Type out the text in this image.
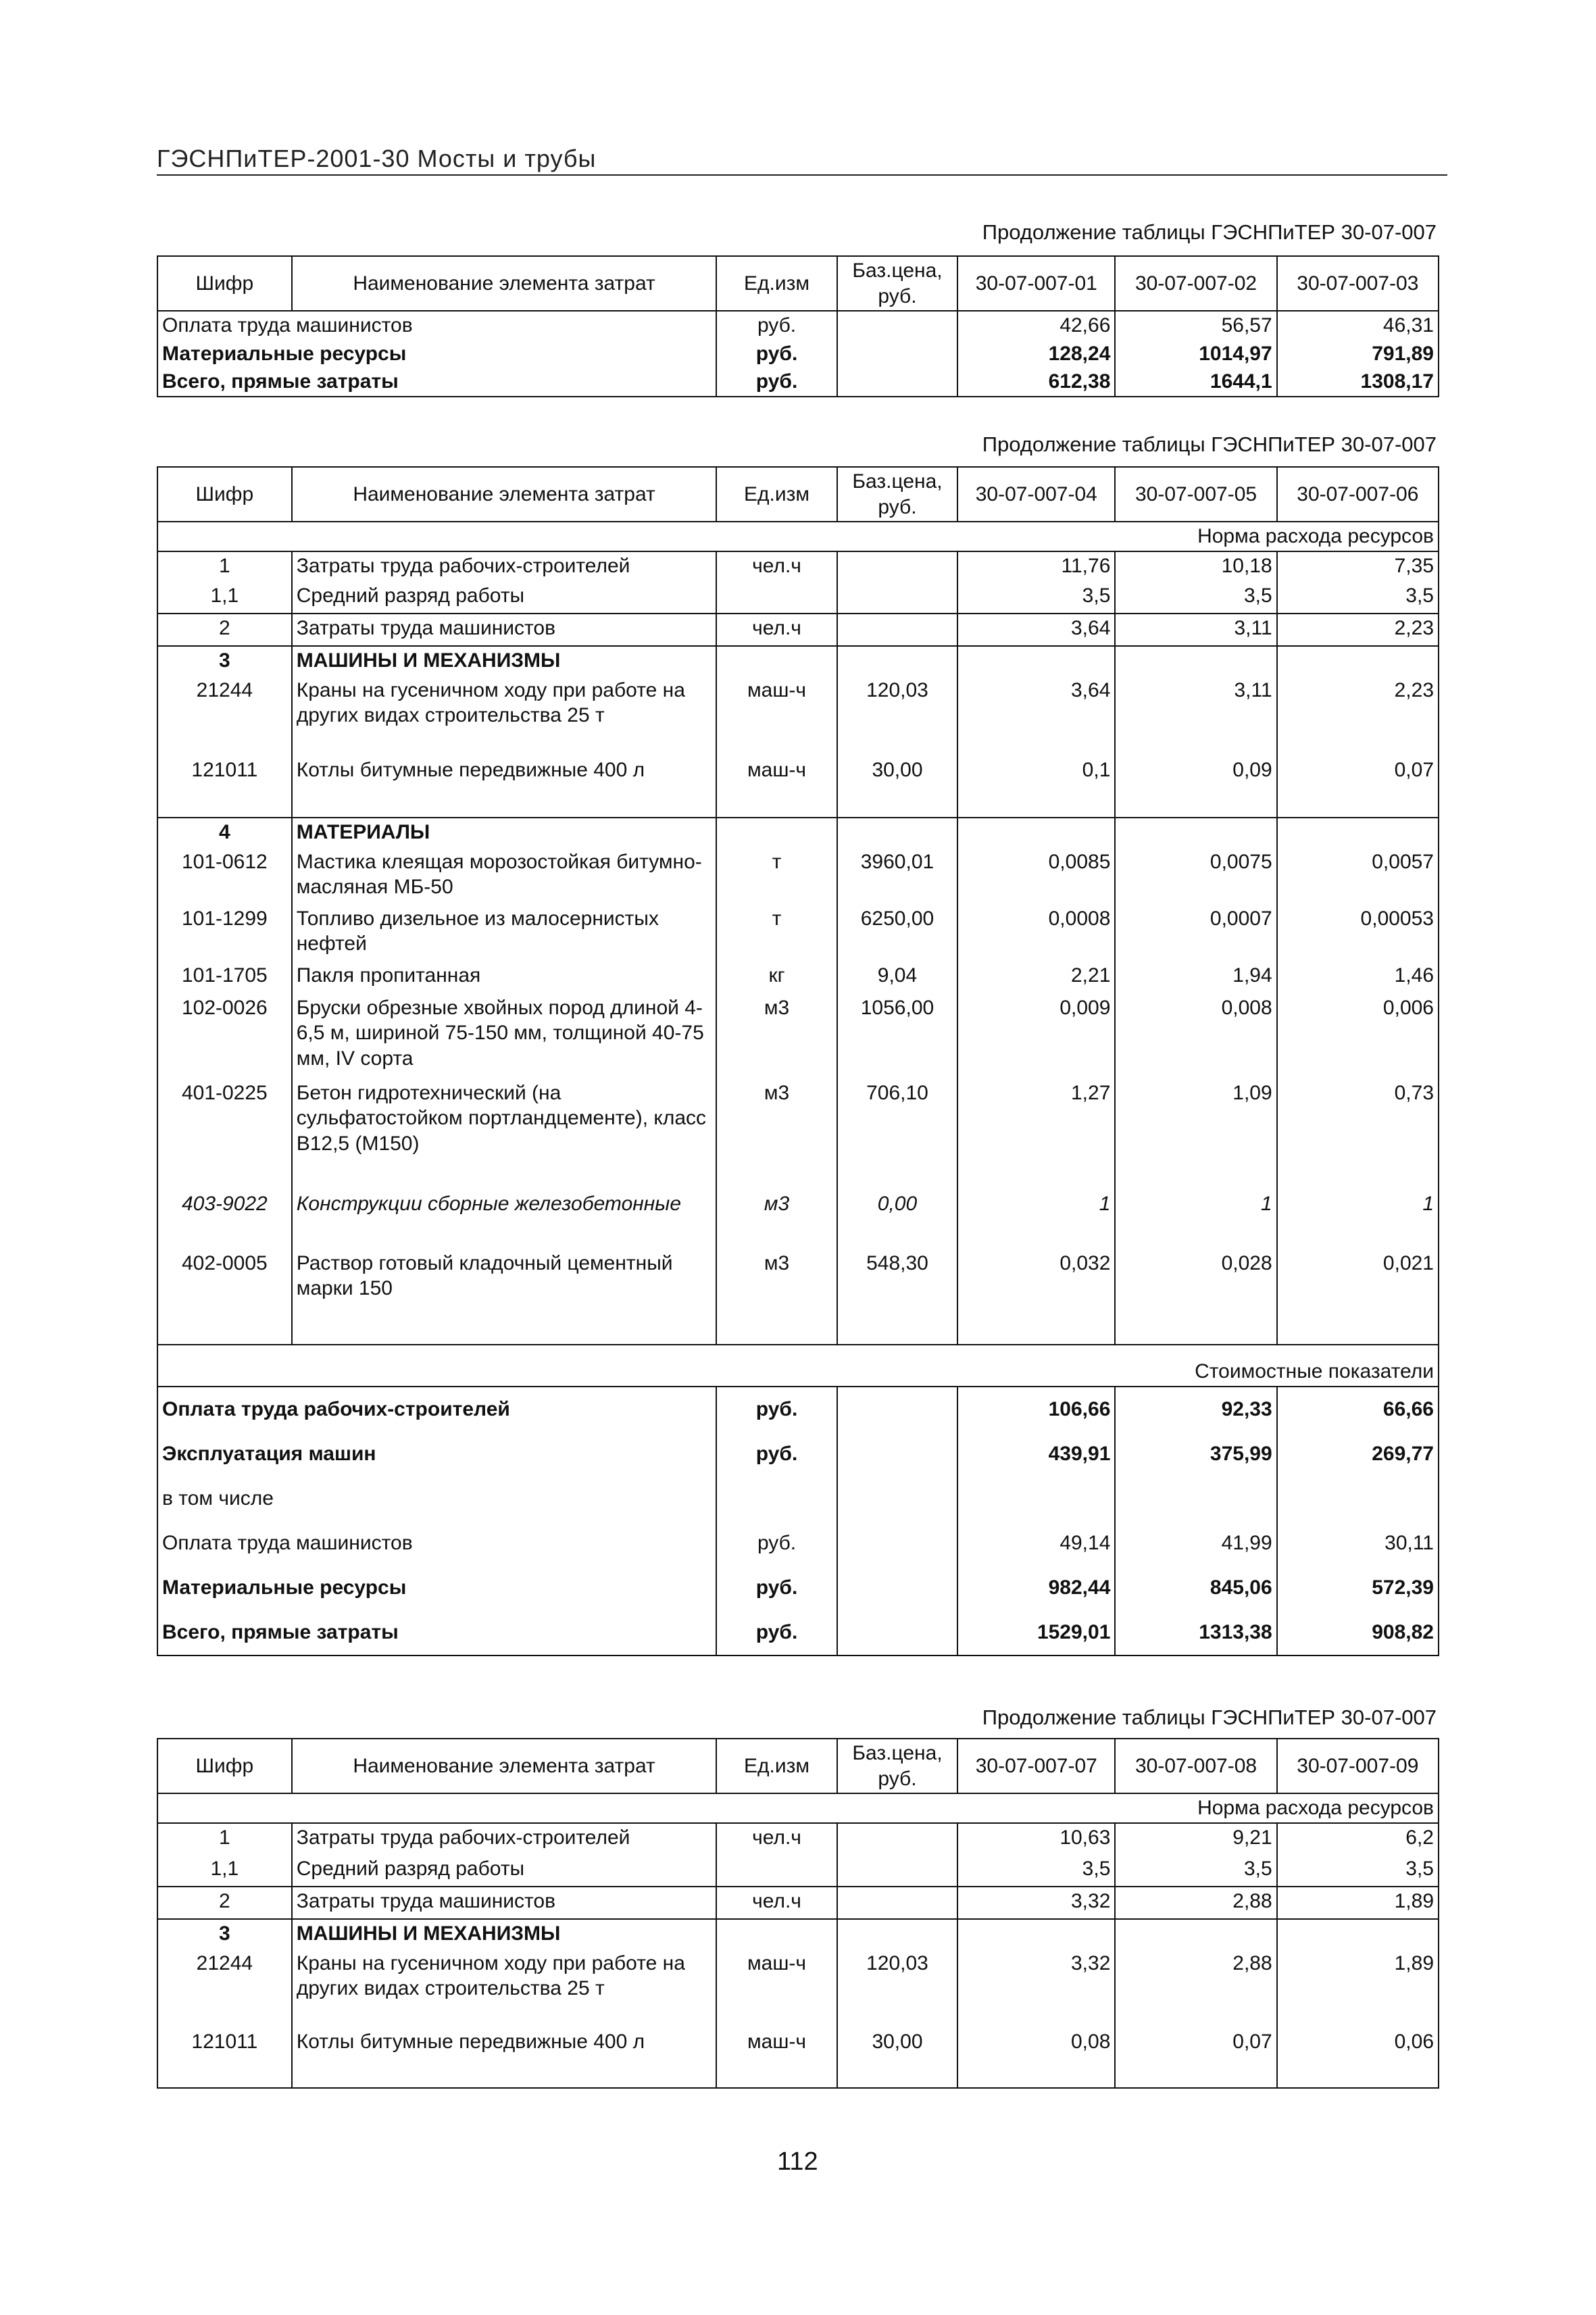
ГЭСНПиТЕР-2001-30 Мосты и трубы
Продолжение таблицы ГЭСНПиТЕР 30-07-007
Шифр	Наименование элемента затрат	Ед.изм	Баз.цена, руб.	30-07-007-01	30-07-007-02	30-07-007-03
Оплата труда машинистов		руб.		42,66	56,57	46,31
Материальные ресурсы		руб.		128,24	1014,97	791,89
Всего, прямые затраты		руб.		612,38	1644,1	1308,17
Продолжение таблицы ГЭСНПиТЕР 30-07-007
Шифр	Наименование элемента затрат	Ед.изм	Баз.цена, руб.	30-07-007-04	30-07-007-05	30-07-007-06
Норма расхода ресурсов						
1	Затраты труда рабочих-строителей	чел.ч		11,76	10,18	7,35
1,1	Средний разряд работы			3,5	3,5	3,5
2	Затраты труда машинистов	чел.ч		3,64	3,11	2,23
3	МАШИНЫ И МЕХАНИЗМЫ					
21244	Краны на гусеничном ходу при работе на других видах строительства 25 т	маш-ч	120,03	3,64	3,11	2,23
121011	Котлы битумные передвижные 400 л	маш-ч	30,00	0,1	0,09	0,07
4	МАТЕРИАЛЫ					
101-0612	Мастика клеящая морозостойкая битумно-масляная МБ-50	т	3960,01	0,0085	0,0075	0,0057
101-1299	Топливо дизельное из малосернистых нефтей	т	6250,00	0,0008	0,0007	0,00053
101-1705	Пакля пропитанная	кг	9,04	2,21	1,94	1,46
102-0026	Бруски обрезные хвойных пород длиной 4-6,5 м, шириной 75-150 мм, толщиной 40-75 мм, IV сорта	м3	1056,00	0,009	0,008	0,006
401-0225	Бетон гидротехнический (на сульфатостойком портландцементе), класс В12,5 (М150)	м3	706,10	1,27	1,09	0,73
403-9022	Конструкции сборные железобетонные	м3	0,00	1	1	1
402-0005	Раствор готовый кладочный цементный марки 150	м3	548,30	0,032	0,028	0,021
Стоимостные показатели						
Оплата труда рабочих-строителей		руб.		106,66	92,33	66,66
Эксплуатация машин		руб.		439,91	375,99	269,77
в том числе						
Оплата труда машинистов		руб.		49,14	41,99	30,11
Материальные ресурсы		руб.		982,44	845,06	572,39
Всего, прямые затраты		руб.		1529,01	1313,38	908,82
Продолжение таблицы ГЭСНПиТЕР 30-07-007
Шифр	Наименование элемента затрат	Ед.изм	Баз.цена, руб.	30-07-007-07	30-07-007-08	30-07-007-09
Норма расхода ресурсов						
1	Затраты труда рабочих-строителей	чел.ч		10,63	9,21	6,2
1,1	Средний разряд работы			3,5	3,5	3,5
2	Затраты труда машинистов	чел.ч		3,32	2,88	1,89
3	МАШИНЫ И МЕХАНИЗМЫ					
21244	Краны на гусеничном ходу при работе на других видах строительства 25 т	маш-ч	120,03	3,32	2,88	1,89
121011	Котлы битумные передвижные 400 л	маш-ч	30,00	0,08	0,07	0,06
112
